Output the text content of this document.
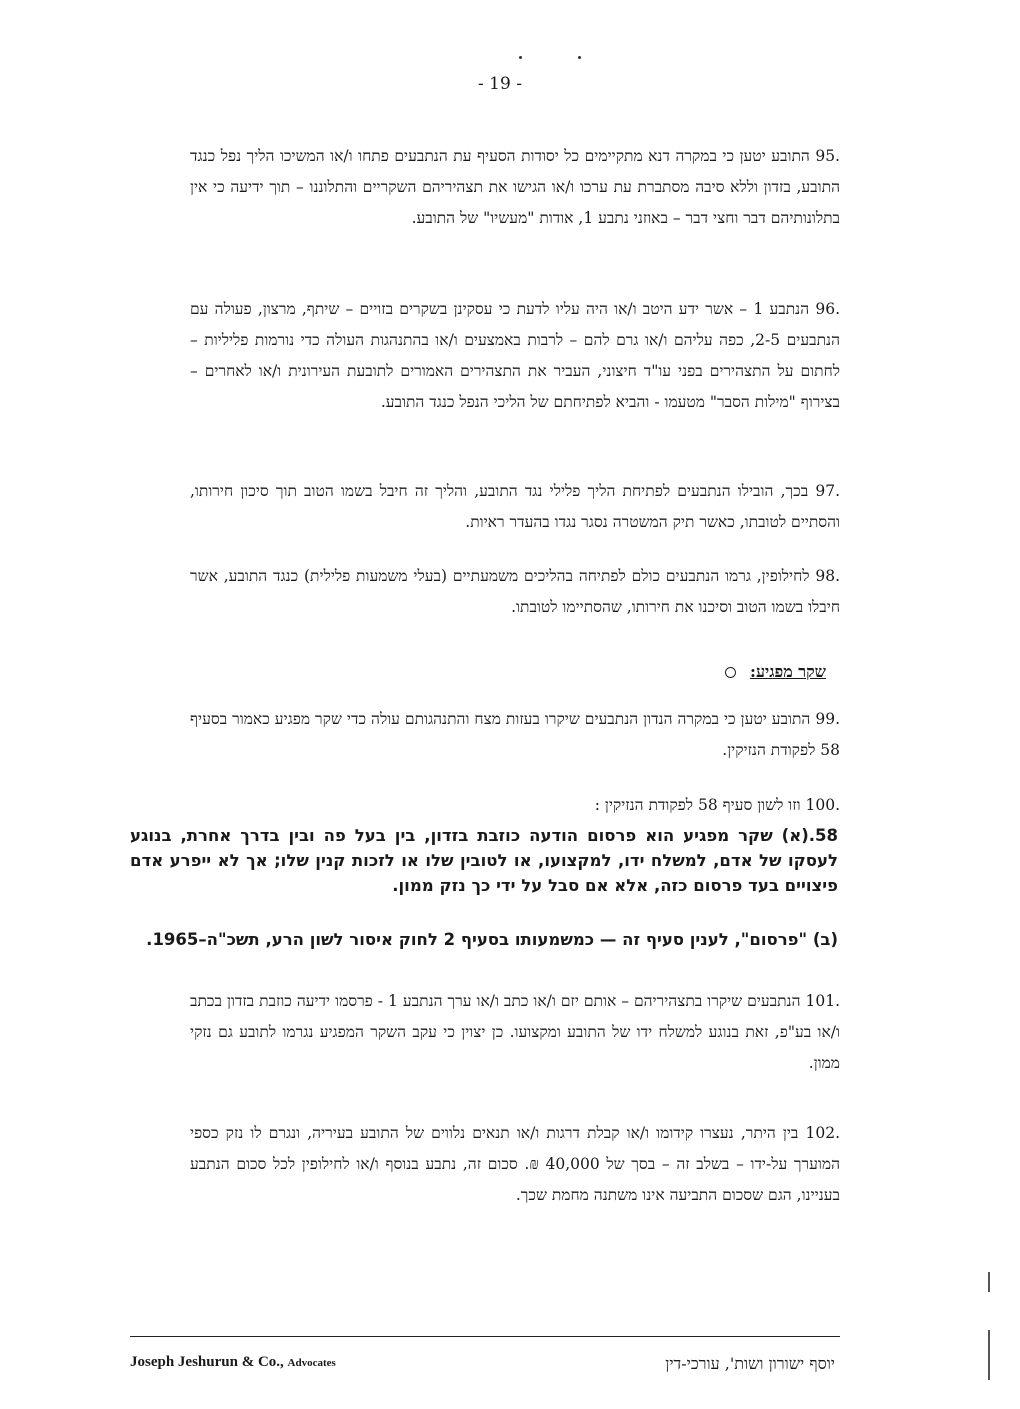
- 19 -
95. התובע יטען כי במקרה דנא מתקיימים כל יסודות הסעיף עת הנתבעים פתחו ו/או המשיכו הליך נפל כנגד התובע, בזדון וללא סיבה מסתברת עת ערכו ו/או הגישו את תצהיריהם השקריים והתלוננו – תוך ידיעה כי אין בתלונותיהם דבר וחצי דבר – באוזני נתבע 1, אודות "מעשיו" של התובע.
96. הנתבע 1 – אשר ידע היטב ו/או היה עליו לדעת כי עסקינן בשקרים בזויים – שיתף, מרצון, פעולה עם הנתבעים 2-5, כפה עליהם ו/או גרם להם – לרבות באמצעים ו/או בהתנהגות העולה כדי נורמות פליליות – לחתום על התצהירים בפני עו"ד חיצוני, העביר את התצהירים האמורים לתובעת העירונית ו/או לאחרים – בצירוף "מילות הסבר" מטעמו - והביא לפתיחתם של הליכי הנפל כנגד התובע.
97. בכך, הובילו הנתבעים לפתיחת הליך פלילי נגד התובע, והליך זה חיבל בשמו הטוב תוך סיכון חירותו, והסתיים לטובתו, כאשר תיק המשטרה נסגר נגדו בהעדר ראיות.
98. לחילופין, גרמו הנתבעים כולם לפתיחה בהליכים משמעתיים (בעלי משמעות פלילית) כנגד התובע, אשר חיבלו בשמו הטוב וסיכנו את חירותו, שהסתיימו לטובתו.
שקר מפגיע:
99. התובע יטען כי במקרה הנדון הנתבעים שיקרו בעזות מצח והתנהגותם עולה כדי שקר מפגיע כאמור בסעיף 58 לפקודת הנזיקין.
100. וזו לשון סעיף 58 לפקודת הנזיקין :
58.(א) שקר מפגיע הוא פרסום הודעה כוזבת בזדון, בין בעל פה ובין בדרך אחרת, בנוגע לעסקו של אדם, למשלח ידו, למקצועו, או לטובין שלו או לזכות קנין שלו; אך לא ייפרע אדם פיצויים בעד פרסום כזה, אלא אם סבל על ידי כך נזק ממון.
(ב) "פרסום", לענין סעיף זה — כמשמעותו בסעיף 2 לחוק איסור לשון הרע, תשכ"ה–1965.
101. הנתבעים שיקרו בתצהיריהם – אותם יזם ו/או כתב ו/או ערך הנתבע 1 - פרסמו ידיעה כוזבת בזדון בכתב ו/או בע"פ, זאת בנוגע למשלח ידו של התובע ומקצועו. כן יצוין כי עקב השקר המפגיע נגרמו לתובע גם נזקי ממון.
102. בין היתר, נעצרו קידומו ו/או קבלת דרגות ו/או תנאים נלווים של התובע בעיריה, ונגרם לו נזק כספי המוערך על-ידו – בשלב זה – בסך של 40,000 ₪. סכום זה, נתבע בנוסף ו/או לחילופין לכל סכום הנתבע בעניינו, הגם שסכום התביעה אינו משתנה מחמת שכך.
Joseph Jeshurun & Co., Advocates	יוסף ישורון ושות', עורכי-דין
